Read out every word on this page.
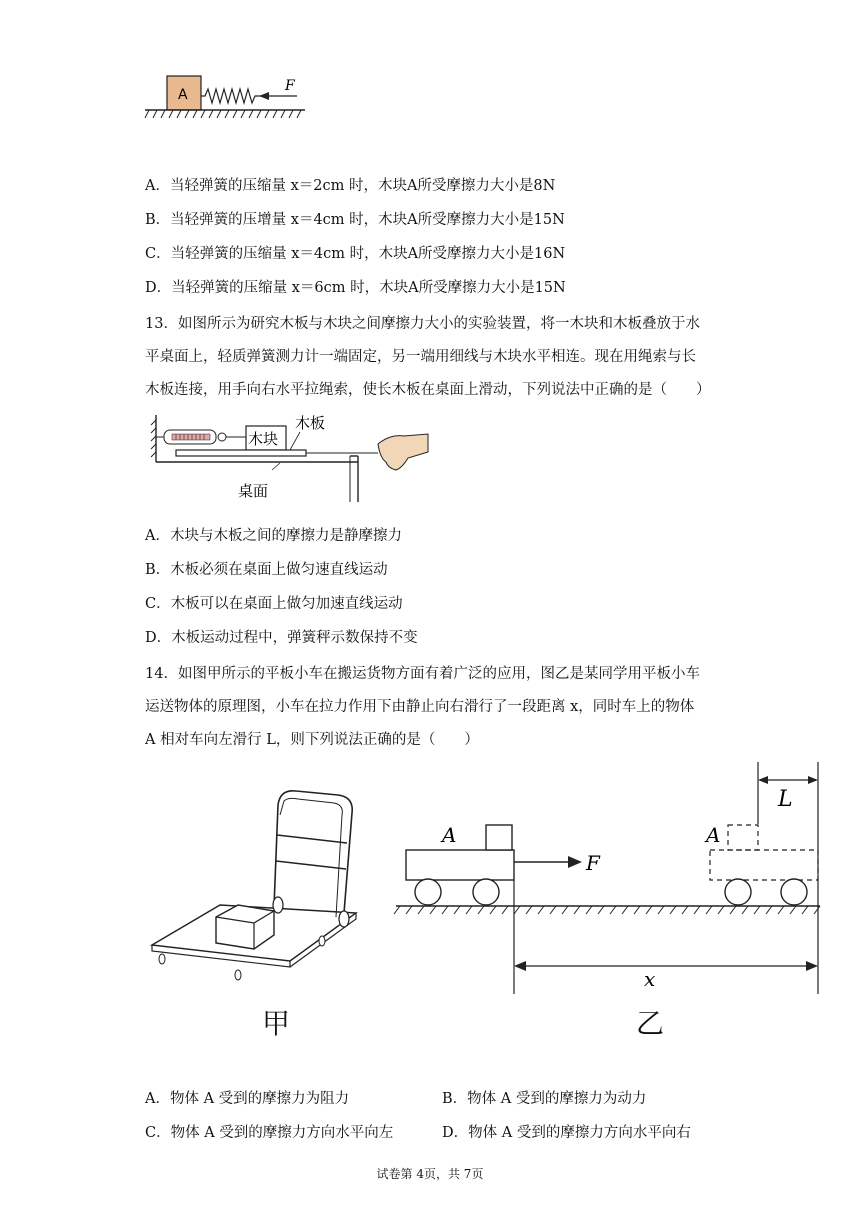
A
F
A．当轻弹簧的压缩量 x＝2cm 时，木块A所受摩擦力大小是8N
B．当轻弹簧的压增量 x＝4cm 时，木块A所受摩擦力大小是15N
C．当轻弹簧的压缩量 x＝4cm 时，木块A所受摩擦力大小是16N
D．当轻弹簧的压缩量 x＝6cm 时，木块A所受摩擦力大小是15N
13．如图所示为研究木板与木块之间摩擦力大小的实验装置，将一木块和木板叠放于水
平桌面上，轻质弹簧测力计一端固定，另一端用细线与木块水平相连。现在用绳索与长
木板连接，用手向右水平拉绳索，使长木板在桌面上滑动，下列说法中正确的是（　　）
木块
木板
桌面
A．木块与木板之间的摩擦力是静摩擦力
B．木板必须在桌面上做匀速直线运动
C．木板可以在桌面上做匀加速直线运动
D．木板运动过程中，弹簧秤示数保持不变
14．如图甲所示的平板小车在搬运货物方面有着广泛的应用，图乙是某同学用平板小车
运送物体的原理图，小车在拉力作用下由静止向右滑行了一段距离 x，同时车上的物体
A 相对车向左滑行 L，则下列说法正确的是（　　）
甲
A
F
A
L
x
乙
A．物体 A 受到的摩擦力为阻力	B．物体 A 受到的摩擦力为动力
C．物体 A 受到的摩擦力方向水平向左	D．物体 A 受到的摩擦力方向水平向右
试卷第 4页，共 7页
